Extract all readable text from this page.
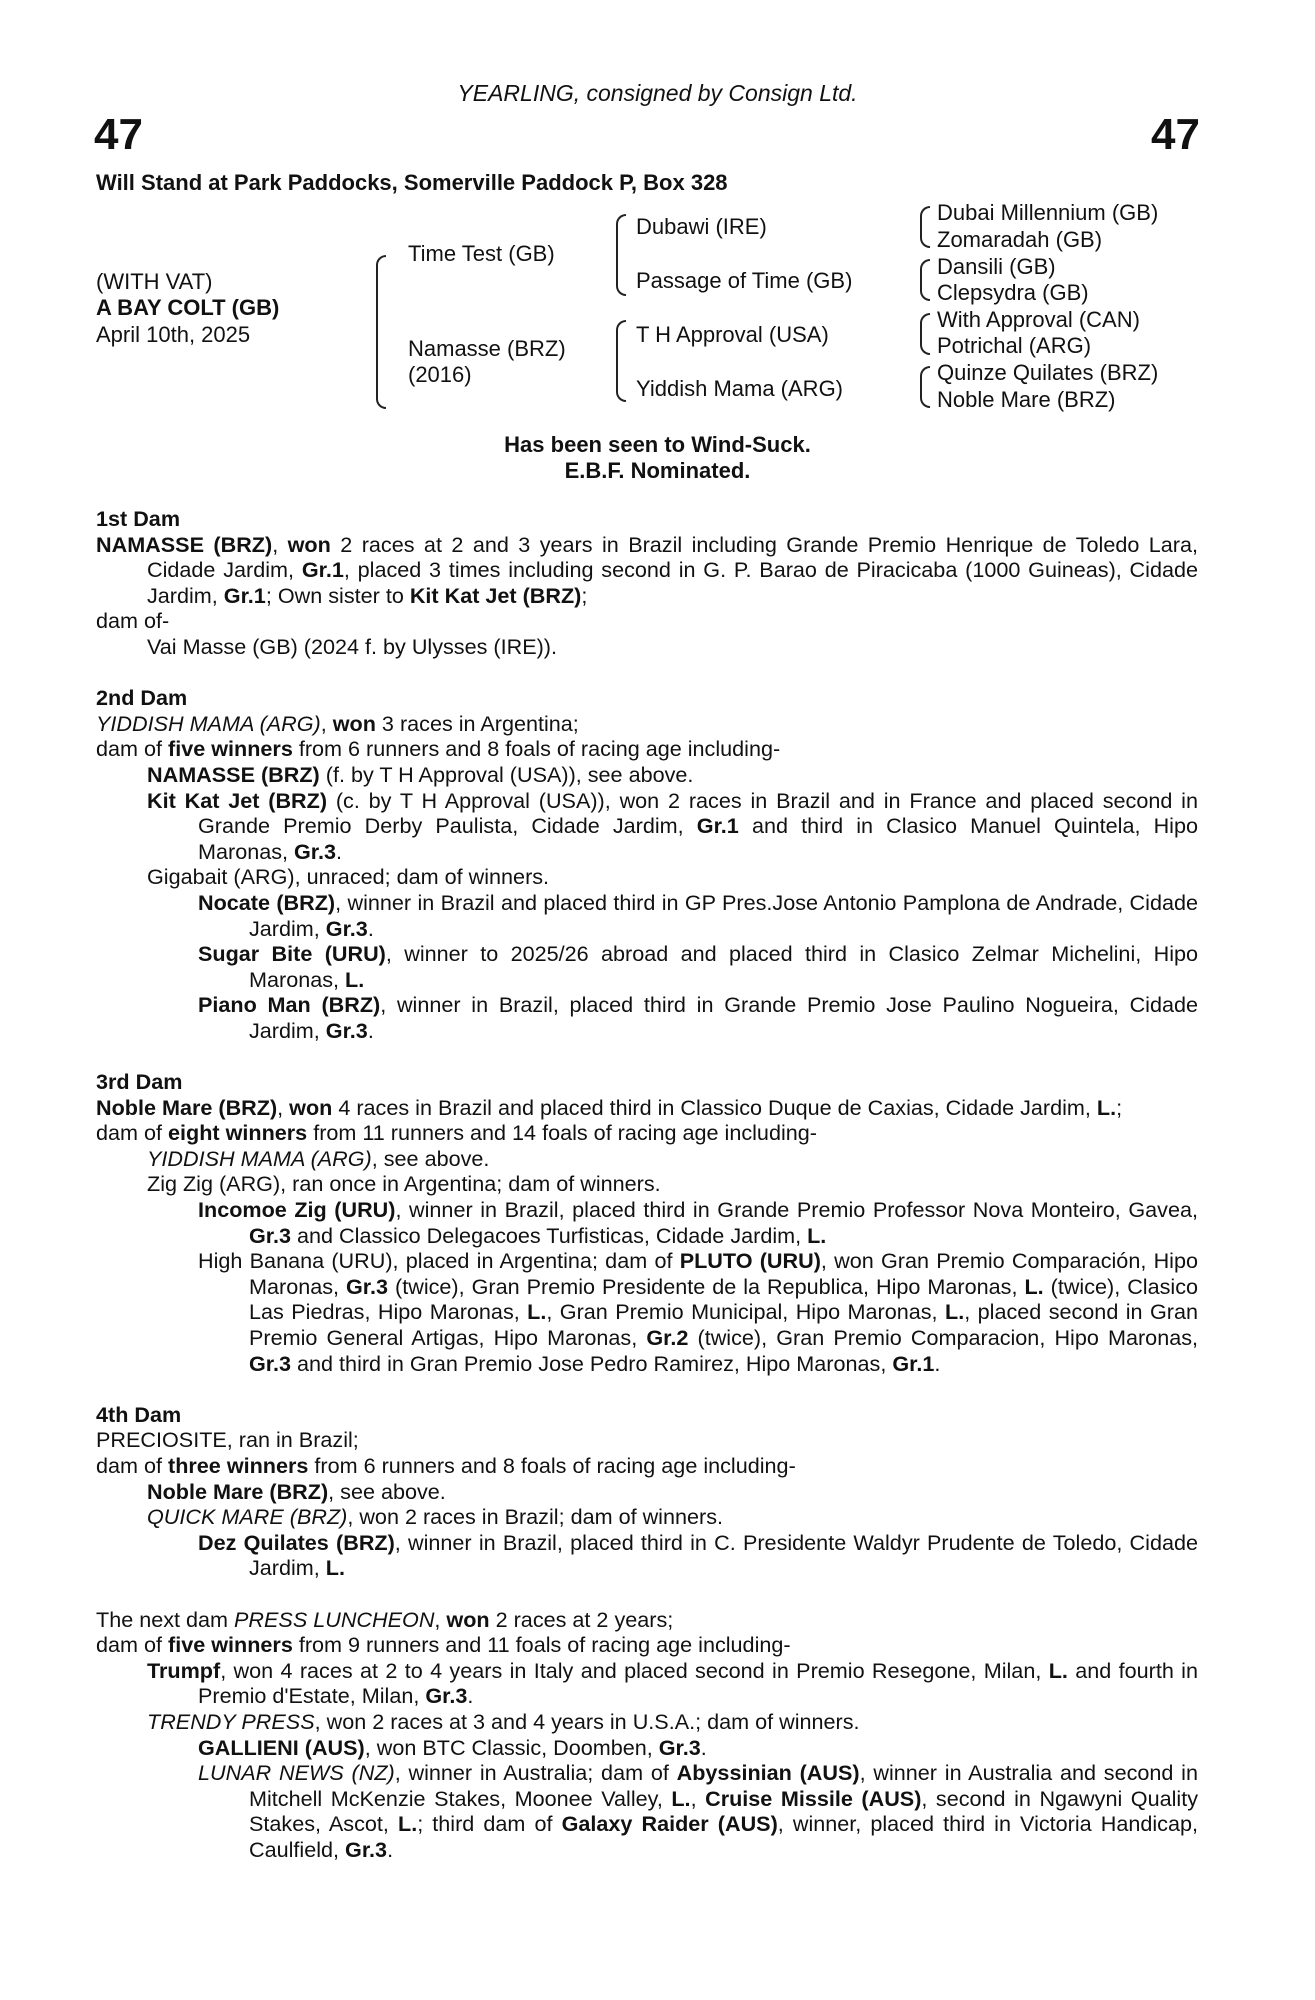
YEARLING, consigned by Consign Ltd.
47	47
Will Stand at Park Paddocks, Somerville Paddock P, Box 328
(WITH VAT)
A BAY COLT (GB)
April 10th, 2025
Time Test (GB)
Namasse (BRZ)
(2016)
Dubawi (IRE)
Passage of Time (GB)
T H Approval (USA)
Yiddish Mama (ARG)
Dubai Millennium (GB)
Zomaradah (GB)
Dansili (GB)
Clepsydra (GB)
With Approval (CAN)
Potrichal (ARG)
Quinze Quilates (BRZ)
Noble Mare (BRZ)
Has been seen to Wind-Suck.
E.B.F. Nominated.
1st Dam
NAMASSE (BRZ), won 2 races at 2 and 3 years in Brazil including Grande Premio Henrique de Toledo Lara, Cidade Jardim, Gr.1, placed 3 times including second in G. P. Barao de Piracicaba (1000 Guineas), Cidade Jardim, Gr.1; Own sister to Kit Kat Jet (BRZ);
dam of-
Vai Masse (GB) (2024 f. by Ulysses (IRE)).
2nd Dam
YIDDISH MAMA (ARG), won 3 races in Argentina;
dam of five winners from 6 runners and 8 foals of racing age including-
NAMASSE (BRZ) (f. by T H Approval (USA)), see above.
Kit Kat Jet (BRZ) (c. by T H Approval (USA)), won 2 races in Brazil and in France and placed second in Grande Premio Derby Paulista, Cidade Jardim, Gr.1 and third in Clasico Manuel Quintela, Hipo Maronas, Gr.3.
Gigabait (ARG), unraced; dam of winners.
Nocate (BRZ), winner in Brazil and placed third in GP Pres.Jose Antonio Pamplona de Andrade, Cidade Jardim, Gr.3.
Sugar Bite (URU), winner to 2025/26 abroad and placed third in Clasico Zelmar Michelini, Hipo Maronas, L.
Piano Man (BRZ), winner in Brazil, placed third in Grande Premio Jose Paulino Nogueira, Cidade Jardim, Gr.3.
3rd Dam
Noble Mare (BRZ), won 4 races in Brazil and placed third in Classico Duque de Caxias, Cidade Jardim, L.;
dam of eight winners from 11 runners and 14 foals of racing age including-
YIDDISH MAMA (ARG), see above.
Zig Zig (ARG), ran once in Argentina; dam of winners.
Incomoe Zig (URU), winner in Brazil, placed third in Grande Premio Professor Nova Monteiro, Gavea, Gr.3 and Classico Delegacoes Turfisticas, Cidade Jardim, L.
High Banana (URU), placed in Argentina; dam of PLUTO (URU), won Gran Premio Comparación, Hipo Maronas, Gr.3 (twice), Gran Premio Presidente de la Republica, Hipo Maronas, L. (twice), Clasico Las Piedras, Hipo Maronas, L., Gran Premio Municipal, Hipo Maronas, L., placed second in Gran Premio General Artigas, Hipo Maronas, Gr.2 (twice), Gran Premio Comparacion, Hipo Maronas, Gr.3 and third in Gran Premio Jose Pedro Ramirez, Hipo Maronas, Gr.1.
4th Dam
PRECIOSITE, ran in Brazil;
dam of three winners from 6 runners and 8 foals of racing age including-
Noble Mare (BRZ), see above.
QUICK MARE (BRZ), won 2 races in Brazil; dam of winners.
Dez Quilates (BRZ), winner in Brazil, placed third in C. Presidente Waldyr Prudente de Toledo, Cidade Jardim, L.
The next dam PRESS LUNCHEON, won 2 races at 2 years;
dam of five winners from 9 runners and 11 foals of racing age including-
Trumpf, won 4 races at 2 to 4 years in Italy and placed second in Premio Resegone, Milan, L. and fourth in Premio d'Estate, Milan, Gr.3.
TRENDY PRESS, won 2 races at 3 and 4 years in U.S.A.; dam of winners.
GALLIENI (AUS), won BTC Classic, Doomben, Gr.3.
LUNAR NEWS (NZ), winner in Australia; dam of Abyssinian (AUS), winner in Australia and second in Mitchell McKenzie Stakes, Moonee Valley, L., Cruise Missile (AUS), second in Ngawyni Quality Stakes, Ascot, L.; third dam of Galaxy Raider (AUS), winner, placed third in Victoria Handicap, Caulfield, Gr.3.
